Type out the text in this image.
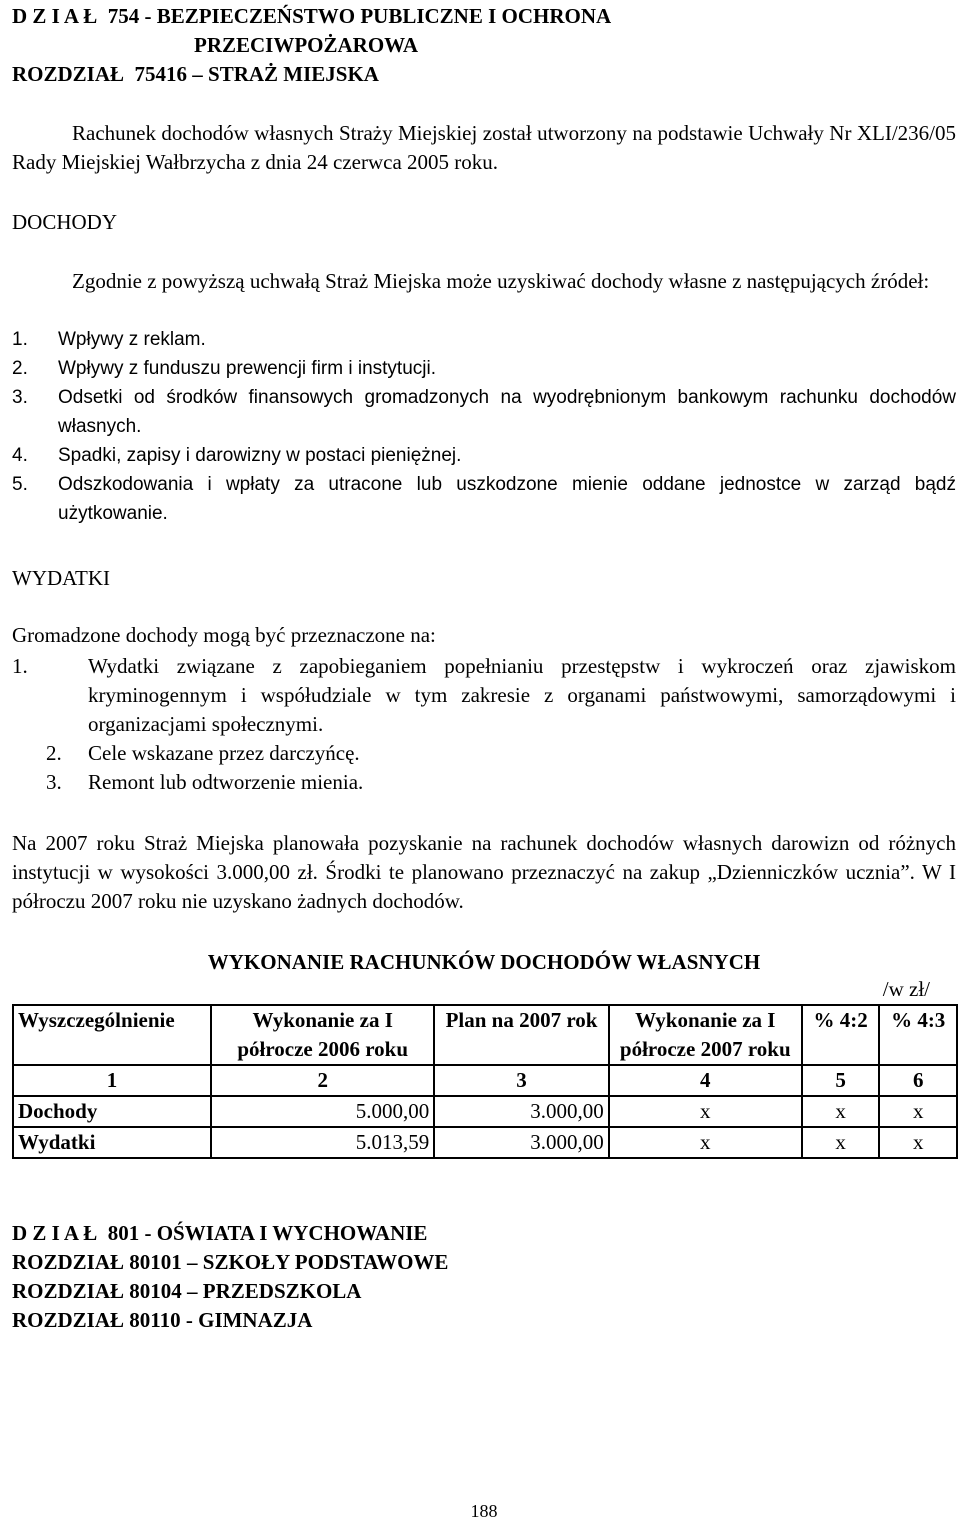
D Z I A Ł  754 - BEZPIECZEŃSTWO PUBLICZNE I OCHRONA
PRZECIWPOŻAROWA
ROZDZIAŁ  75416 – STRAŻ MIEJSKA
Rachunek dochodów własnych Straży Miejskiej został utworzony na podstawie Uchwały Nr XLI/236/05 Rady Miejskiej Wałbrzycha z dnia 24 czerwca 2005 roku.
DOCHODY
Zgodnie z powyższą uchwałą Straż Miejska może uzyskiwać dochody własne z następujących źródeł:
1.	Wpływy z reklam.
2.	Wpływy z funduszu prewencji firm i instytucji.
3.	Odsetki od środków finansowych gromadzonych na wyodrębnionym bankowym rachunku dochodów własnych.
4.	Spadki, zapisy i darowizny w postaci pieniężnej.
5.	Odszkodowania i wpłaty za utracone lub uszkodzone mienie oddane jednostce w zarząd bądź użytkowanie.
WYDATKI
Gromadzone dochody mogą być przeznaczone na:
1.	Wydatki związane z zapobieganiem popełnianiu przestępstw i wykroczeń oraz zjawiskom kryminogennym i współudziale w tym zakresie z organami państwowymi, samorządowymi i organizacjami społecznymi.
2.	Cele wskazane przez darczyńcę.
3.	Remont lub odtworzenie mienia.
Na 2007 roku Straż Miejska planowała pozyskanie na rachunek dochodów własnych darowizn od różnych instytucji w wysokości 3.000,00 zł. Środki te planowano przeznaczyć na zakup „Dzienniczków ucznia”. W I półroczu 2007 roku nie uzyskano żadnych dochodów.
WYKONANIE RACHUNKÓW DOCHODÓW WŁASNYCH
/w zł/
Wyszczególnienie	Wykonanie za I półrocze 2006 roku	Plan na 2007 rok	Wykonanie za I półrocze 2007 roku	% 4:2	% 4:3
1	2	3	4	5	6
Dochody	5.000,00	3.000,00	x	x	x
Wydatki	5.013,59	3.000,00	x	x	x
D Z I A Ł  801 - OŚWIATA I WYCHOWANIE
ROZDZIAŁ 80101 – SZKOŁY PODSTAWOWE
ROZDZIAŁ 80104 – PRZEDSZKOLA
ROZDZIAŁ 80110 - GIMNAZJA
188
